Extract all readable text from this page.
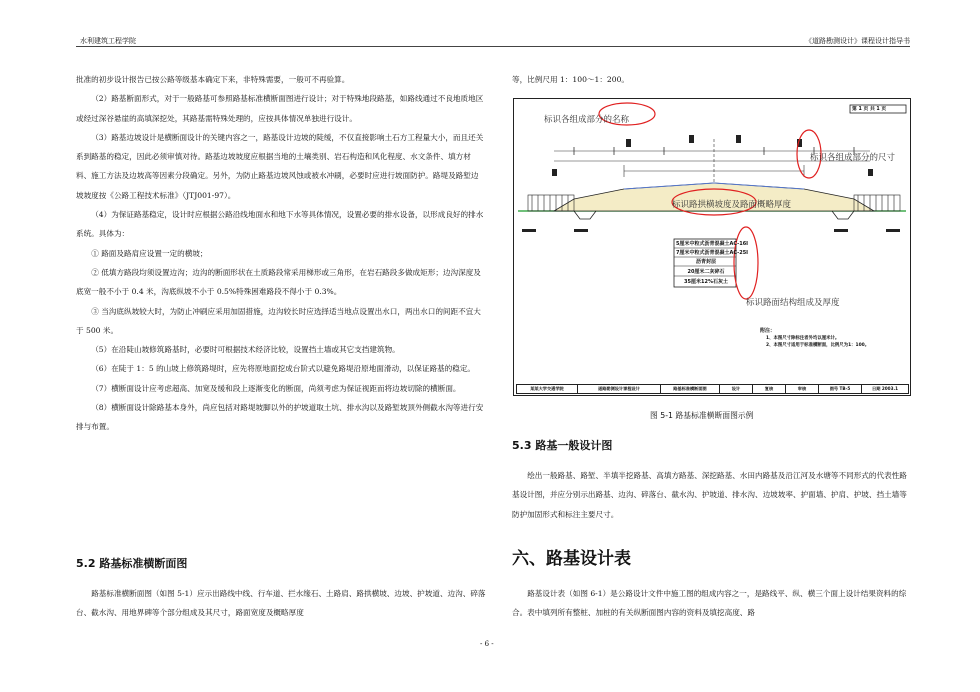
水利建筑工程学院	《道路勘测设计》课程设计指导书

批准的初步设计报告已按公路等级基本确定下来，非特殊需要，一般可不再验算。

（2）路基断面形式，对于一般路基可参照路基标准横断面图进行设计；对于特殊地段路基，如路线通过不良地质地区或经过深谷悬崖的高填深挖处，其路基需特殊处理的，应按具体情况单独进行设计。

（3）路基边坡设计是横断面设计的关键内容之一，路基设计边坡的陡缓，不仅直接影响土石方工程量大小，而且还关系到路基的稳定，因此必须审慎对待。路基边坡坡度应根据当地的土壤类别、岩石构造和风化程度、水文条件、填方材料、施工方法及边坡高等因素分段确定。另外，为防止路基边坡风蚀或被水冲刷，必要时应进行坡面防护。路堤及路堑边坡坡度按《公路工程技术标准》（JTJ001-97）。

（4）为保证路基稳定，设计时应根据公路沿线地面水和地下水等具体情况，设置必要的排水设备，以形成良好的排水系统。具体为：

① 路面及路肩应设置一定的横坡；

② 低填方路段均须设置边沟；边沟的断面形状在土质路段常采用梯形或三角形，在岩石路段多做成矩形；边沟深度及底宽一般不小于 0.4 米，沟底纵坡不小于 0.5%特殊困难路段不得小于 0.3%。

③ 当沟底纵坡较大时，为防止冲刷应采用加固措施，边沟较长时应选择适当地点设置出水口，两出水口的间距不宜大于 500 米。

（5）在沿陡山坡修筑路基时，必要时可根据技术经济比较，设置挡土墙或其它支挡建筑物。

（6）在陡于 1：5 的山坡上修筑路堤时，应先将原地面挖成台阶式以避免路堤沿原地面滑动，以保证路基的稳定。

（7）横断面设计应考虑超高、加宽及缓和段上逐渐变化的断面，尚须考虑为保证视距而将边坡切除的横断面。

（8）横断面设计除路基本身外，尚应包括对路堤坡脚以外的护坡道取土坑、排水沟以及路堑坡顶外侧截水沟等进行安排与布置。

5.2 路基标准横断面图

路基标准横断面图（如图 5-1）应示出路线中线、行车道、拦水缘石、土路肩、路拱横坡、边坡、护坡道、边沟、碎落台、截水沟、用地界碑等个部分组成及其尺寸，路面宽度及概略厚度

等，比例尺用 1：100～1：200。

第 1 页 共 1 页
标识各组成部分的名称
标识各组成部分的尺寸
标识路拱横坡度及路面概略厚度
标识路面结构组成及厚度
5厘米中粒式沥青混凝土AC-16I
7厘米中粒式沥青混凝土AC-25I
沥青封层
20厘米二灰碎石
35厘米12%石灰土
附注：
1、本图尺寸除标注者外均以厘米计。
2、本图尺寸适用于标准横断面，比例尺为1：100。
某某大学交通学院	道路勘测设计课程设计	路基标准横断面图	设计	复核	审核	图号 TB-5	日期 2003.1
图 5-1 路基标准横断面图示例
5.3 路基一般设计图

绘出一般路基、路堑、半填半挖路基、高填方路基、深挖路基、水田内路基及沿江河及水塘等不同形式的代表性路基设计图，并应分别示出路基、边沟、碎落台、截水沟、护坡道、排水沟、边坡坡率、护面墙、护肩、护坡、挡土墙等防护加固形式和标注主要尺寸。

六、路基设计表

路基设计表（如图 6-1）是公路设计文件中施工图的组成内容之一，是路线平、纵、横三个面上设计结果资料的综合。表中填列所有整桩、加桩的有关纵断面图内容的资料及填挖高度、路

- 6 -
